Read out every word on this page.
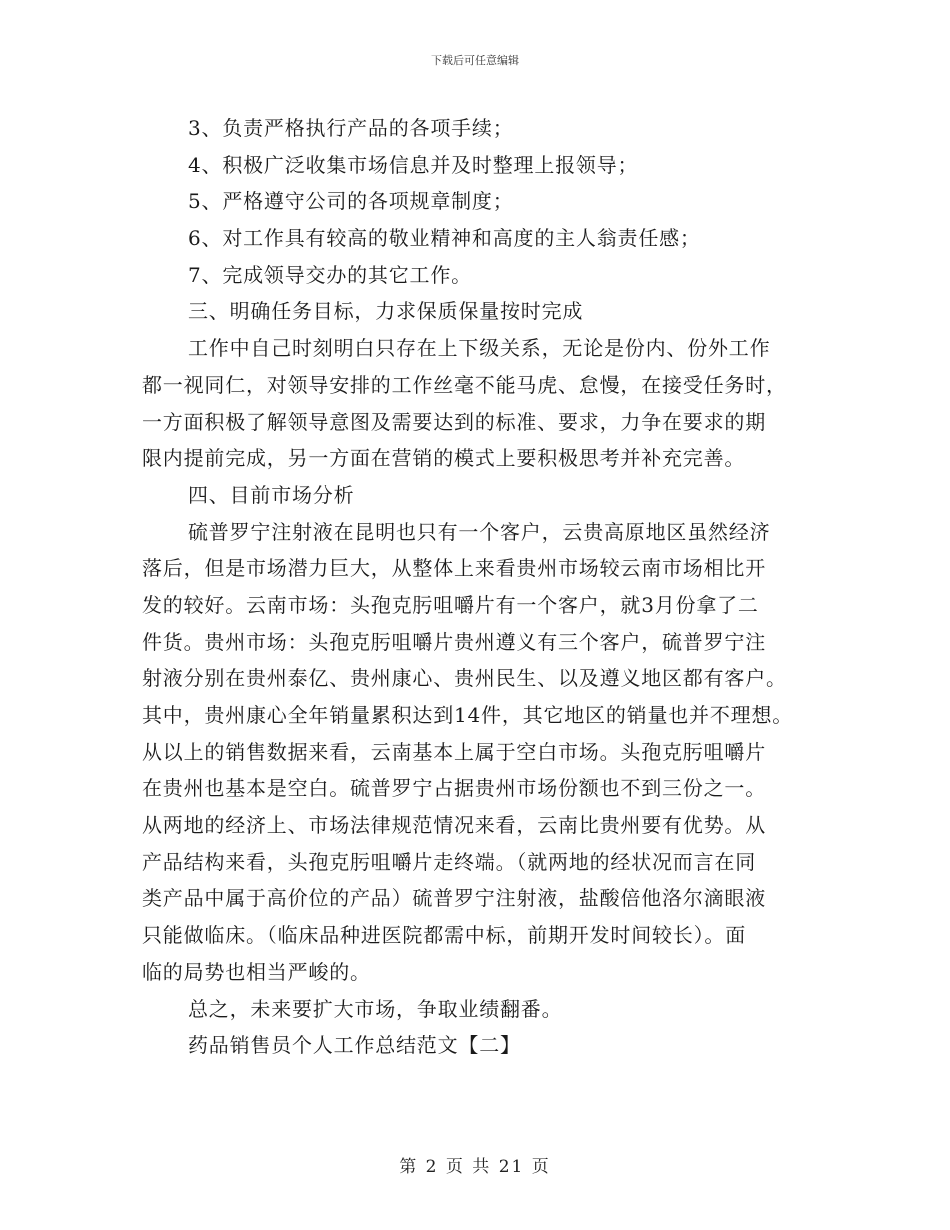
下载后可任意编辑
3、负责严格执行产品的各项手续；
4、积极广泛收集市场信息并及时整理上报领导；
5、严格遵守公司的各项规章制度；
6、对工作具有较高的敬业精神和高度的主人翁责任感；
7、完成领导交办的其它工作。
三、明确任务目标，力求保质保量按时完成
工作中自己时刻明白只存在上下级关系，无论是份内、份外工作
都一视同仁，对领导安排的工作丝毫不能马虎、怠慢，在接受任务时，
一方面积极了解领导意图及需要达到的标准、要求，力争在要求的期
限内提前完成，另一方面在营销的模式上要积极思考并补充完善。
四、目前市场分析
硫普罗宁注射液在昆明也只有一个客户，云贵高原地区虽然经济
落后，但是市场潜力巨大，从整体上来看贵州市场较云南市场相比开
发的较好。云南市场：头孢克肟咀嚼片有一个客户，就3月份拿了二
件货。贵州市场：头孢克肟咀嚼片贵州遵义有三个客户，硫普罗宁注
射液分别在贵州泰亿、贵州康心、贵州民生、以及遵义地区都有客户。
其中，贵州康心全年销量累积达到14件，其它地区的销量也并不理想。
从以上的销售数据来看，云南基本上属于空白市场。头孢克肟咀嚼片
在贵州也基本是空白。硫普罗宁占据贵州市场份额也不到三份之一。
从两地的经济上、市场法律规范情况来看，云南比贵州要有优势。从
产品结构来看，头孢克肟咀嚼片走终端。（就两地的经状况而言在同
类产品中属于高价位的产品）硫普罗宁注射液，盐酸倍他洛尔滴眼液
只能做临床。（临床品种进医院都需中标，前期开发时间较长）。面
临的局势也相当严峻的。
总之，未来要扩大市场，争取业绩翻番。
药品销售员个人工作总结范文【二】
第 2 页 共 21 页
